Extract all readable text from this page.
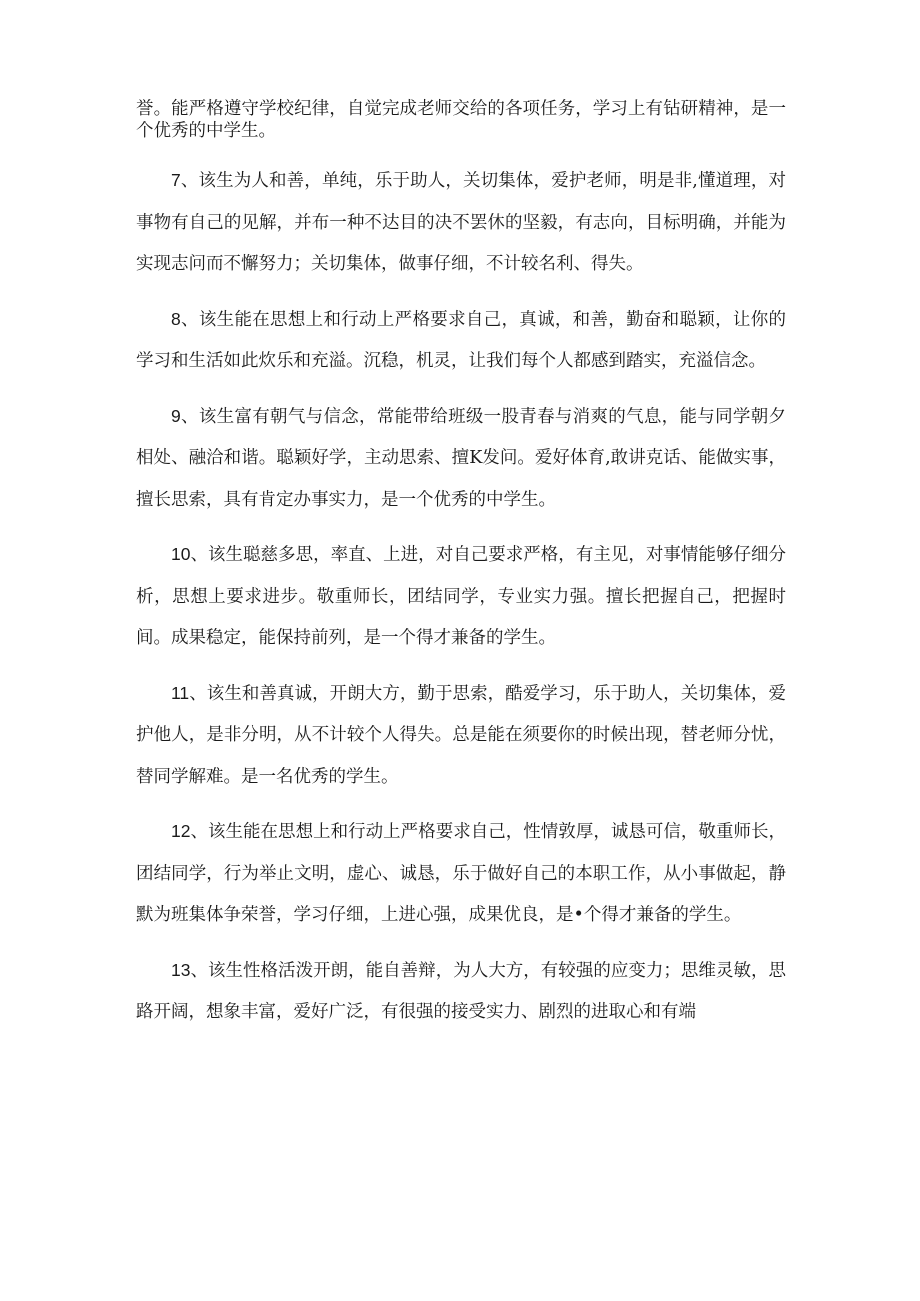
誉。能严格遵守学校纪律，自觉完成老师交给的各项任务，学习上有钻研精神，是一个优秀的中学生。

7、该生为人和善，单纯，乐于助人，关切集体，爱护老师，明是非,懂道理，对事物有自己的见解，并布一种不达目的决不罢休的坚毅，有志向，目标明确，并能为实现志问而不懈努力；关切集体，做事仔细，不计较名利、得失。

8、该生能在思想上和行动上严格要求自己，真诚，和善，勤奋和聪颖，让你的学习和生活如此炊乐和充溢。沉稳，机灵，让我们每个人都感到踏实，充溢信念。

9、该生富有朝气与信念，常能带给班级一股青春与消爽的气息，能与同学朝夕相处、融洽和谐。聪颖好学，主动思索、擅K发问。爱好体育,敢讲克话、能做实事，擅长思索，具有肯定办事实力，是一个优秀的中学生。

10、该生聪慈多思，率直、上进，对自己要求严格，有主见，对事情能够仔细分析，思想上要求进步。敬重师长，团结同学，专业实力强。擅长把握自己，把握时间。成果稳定，能保持前列，是一个得才兼备的学生。

11、该生和善真诚，开朗大方，勤于思索，酷爱学习，乐于助人，关切集体，爱护他人，是非分明，从不计较个人得失。总是能在须要你的时候出现，替老师分忧，替同学解难。是一名优秀的学生。

12、该生能在思想上和行动上严格要求自己，性情敦厚，诚恳可信，敬重师长，团结同学，行为举止文明，虚心、诚恳，乐于做好自己的本职工作，从小事做起，静默为班集体争荣誉，学习仔细，上进心强，成果优良，是•个得才兼备的学生。

13、该生性格活泼开朗，能自善辩，为人大方，有较强的应变力；思维灵敏，思路开阔，想象丰富，爱好广泛，有很强的接受实力、剧烈的进取心和有端
